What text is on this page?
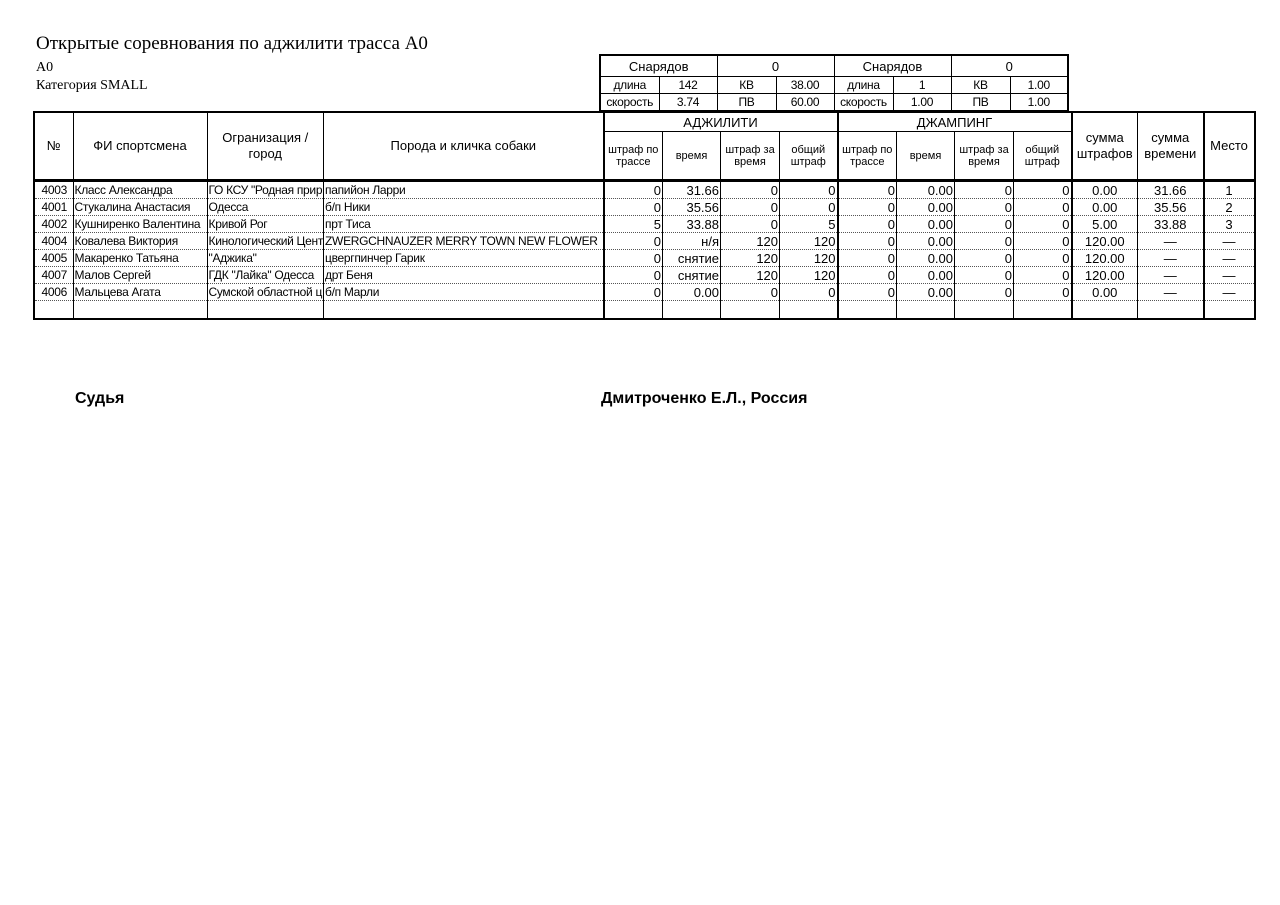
Открытые соревнования по аджилити трасса А0
А0
Категория SMALL
Снарядов		0		Снарядов		0	
длина	142	КВ	38.00	длина	1	КВ	1.00
скорость	3.74	ПВ	60.00	скорость	1.00	ПВ	1.00
№	ФИ спортсмена	Огранизация / город	Порода и кличка собаки	АДЖИЛИТИ				ДЖАМПИНГ				сумма штрафов	сумма времени	Место
				штраф по трассе	время	штраф за время	общий штраф	штраф по трассе	время	штраф за время	общий штраф			
4003	Класс Александра	ГО КСУ "Родная прир	папийон Ларри	0	31.66	0	0	0	0.00	0	0	0.00	31.66	1
4001	Стукалина Анастасия	Одесса	б/п Ники	0	35.56	0	0	0	0.00	0	0	0.00	35.56	2
4002	Кушниренко Валентина	Кривой Рог	прт Тиса	5	33.88	0	5	0	0.00	0	0	5.00	33.88	3
4004	Ковалева Виктория	Кинологический Цент	ZWERGCHNAUZER MERRY TOWN NEW FLOWER	0	н/я	120	120	0	0.00	0	0	120.00	—	—
4005	Макаренко Татьяна	"Аджика"	цвергпинчер Гарик	0	снятие	120	120	0	0.00	0	0	120.00	—	—
4007	Малов Сергей	ГДК "Лайка" Одесса	дрт Беня	0	снятие	120	120	0	0.00	0	0	120.00	—	—
4006	Мальцева Агата	Сумской областной ц	б/п Марли	0	0.00	0	0	0	0.00	0	0	0.00	—	—

Судья	Дмитроченко Е.Л., Россия
